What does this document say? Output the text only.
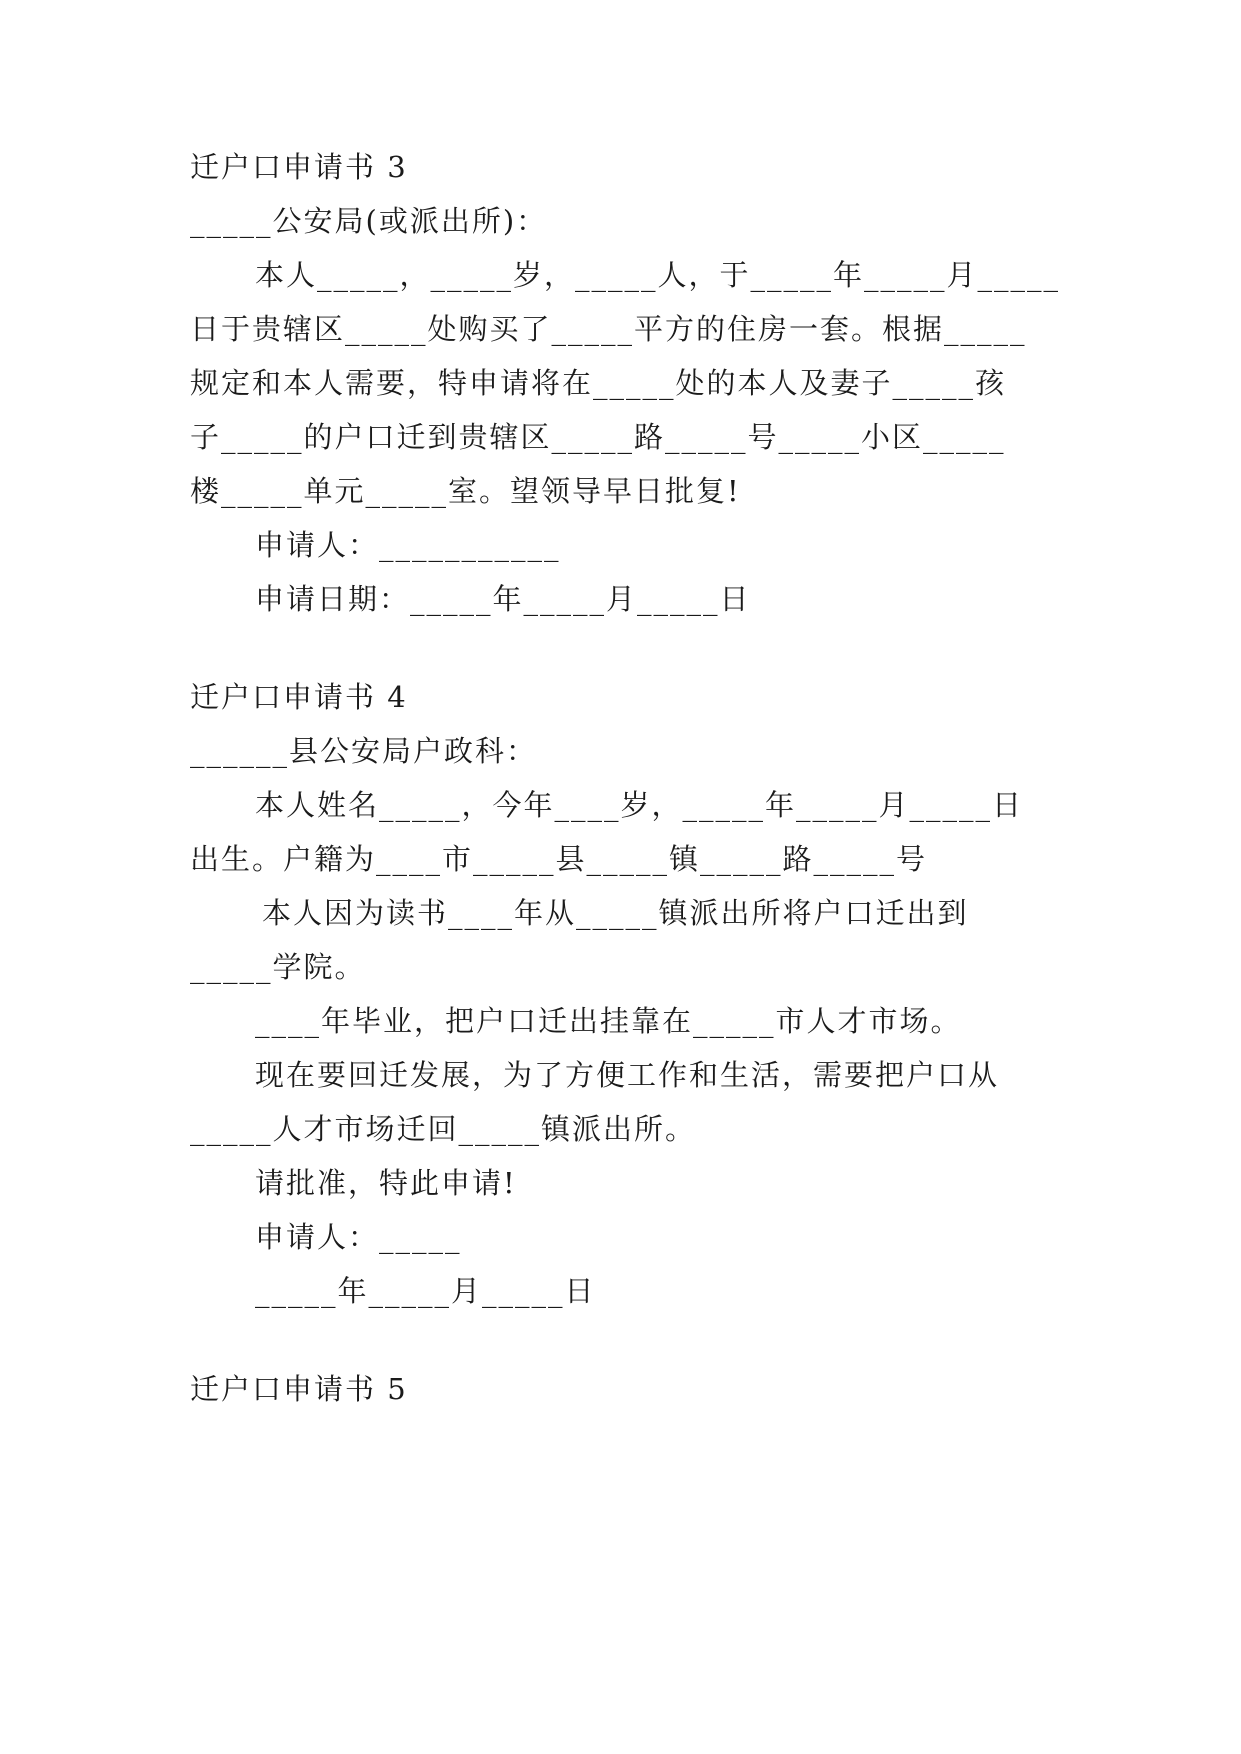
迁户口申请书 3
_____公安局(或派出所)：
本人_____，_____岁，_____人，于_____年_____月_____
日于贵辖区_____处购买了_____平方的住房一套。根据_____
规定和本人需要，特申请将在_____处的本人及妻子_____孩
子_____的户口迁到贵辖区_____路_____号_____小区_____
楼_____单元_____室。望领导早日批复!
申请人：___________
申请日期：_____年_____月_____日
迁户口申请书 4
______县公安局户政科：
本人姓名_____，今年____岁，_____年_____月_____日
出生。户籍为____市_____县_____镇_____路_____号
本人因为读书____年从_____镇派出所将户口迁出到
_____学院。
____年毕业，把户口迁出挂靠在_____市人才市场。
现在要回迁发展，为了方便工作和生活，需要把户口从
_____人才市场迁回_____镇派出所。
请批准，特此申请!
申请人：_____
_____年_____月_____日
迁户口申请书 5
